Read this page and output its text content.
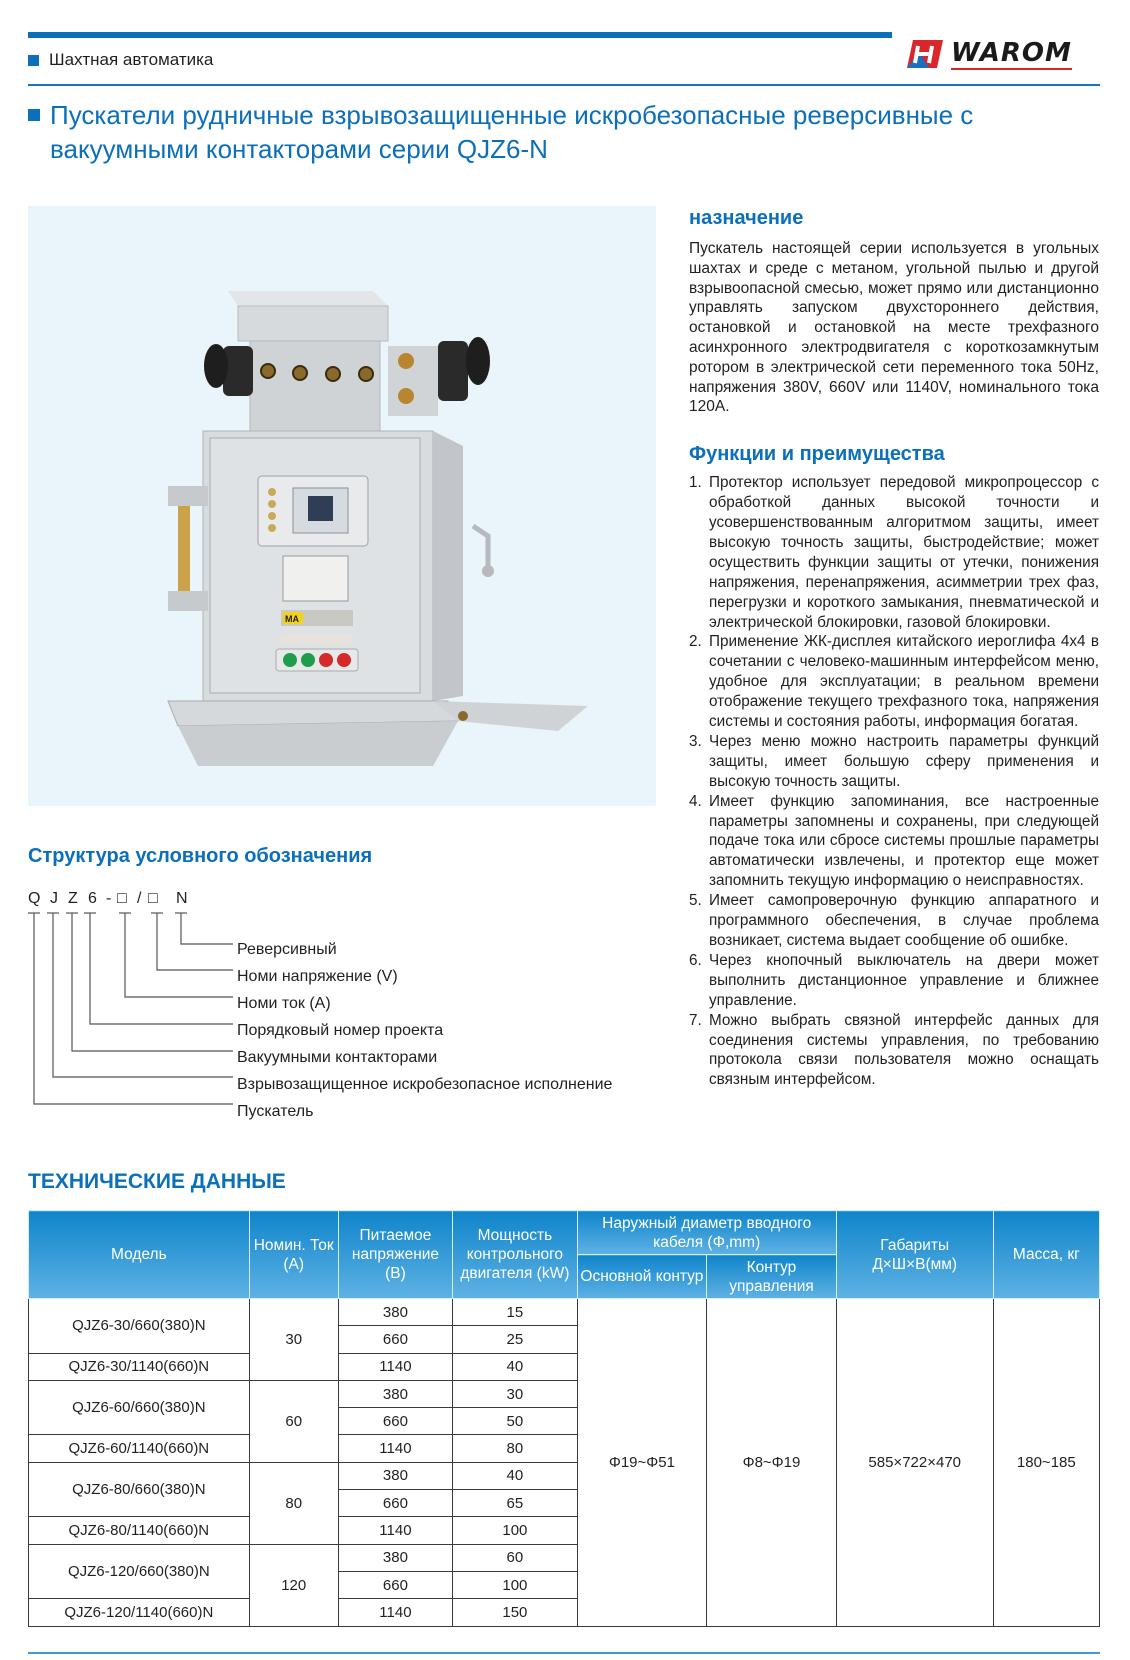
Шахтная автоматика	WAROM
Пускатели рудничные взрывозащищенные искробезопасные реверсивные с вакуумными контакторами серии QJZ6-N
MA
назначение

Пускатель настоящей серии используется в угольных шахтах и среде с метаном, угольной пылью и другой взрывоопасной смесью, может прямо или дистанционно управлять запуском двухстороннего действия, остановкой и остановкой на месте трехфазного асинхронного электродвигателя с короткозамкнутым ротором в электрической сети переменного тока 50Hz, напряжения 380V, 660V или 1140V, номинального тока 120A.

Функции и преимущества
1. Протектор использует передовой микропроцессор с обработкой данных высокой точности и усовершенствованным алгоритмом защиты, имеет высокую точность защиты, быстродействие; может осуществить функции защиты от утечки, понижения напряжения, перенапряжения, асимметрии трех фаз, перегрузки и короткого замыкания, пневматической и электрической блокировки, газовой блокировки.
2. Применение ЖК-дисплея китайского иероглифа 4x4 в сочетании с человеко-машинным интерфейсом меню, удобное для эксплуатации; в реальном времени отображение текущего трехфазного тока, напряжения системы и состояния работы, информация богатая.
3. Через меню можно настроить параметры функций защиты, имеет большую сферу применения и высокую точность защиты.
4. Имеет функцию запоминания, все настроенные параметры запомнены и сохранены, при следующей подаче тока или сбросе системы прошлые параметры автоматически извлечены, и протектор еще может запомнить текущую информацию о неисправностях.
5. Имеет самопроверочную функцию аппаратного и программного обеспечения, в случае проблема возникает, система выдает сообщение об ошибке.
6. Через кнопочный выключатель на двери может выполнить дистанционное управление и ближнее управление.
7. Можно выбрать связной интерфейс данных для соединения системы управления, по требованию протокола связи пользователя можно оснащать связным интерфейсом.
Структура условного обозначения
Q J Z 6 - □ / □ N
Реверсивный
Номи напряжение (V)
Номи ток (A)
Порядковый номер проекта
Вакуумными контакторами
Взрывозащищенное искробезопасное исполнение
Пускатель
ТЕХНИЧЕСКИЕ ДАННЫЕ
Модель	Номин. Ток (A)	Питаемое напряжение (B)	Мощность контрольного двигателя (kW)	Наружный диаметр вводного кабеля (Φ,mm)		Габариты Д×Ш×В(мм)	Масса, кг
				Основной контур	Контур управления		
QJZ6-30/660(380)N	30	380	15	Φ19~Φ51	Φ8~Φ19	585×722×470	180~185
		660	25				
QJZ6-30/1140(660)N		1140	40				
QJZ6-60/660(380)N	60	380	30				
		660	50				
QJZ6-60/1140(660)N		1140	80				
QJZ6-80/660(380)N	80	380	40				
		660	65				
QJZ6-80/1140(660)N		1140	100				
QJZ6-120/660(380)N	120	380	60				
		660	100				
QJZ6-120/1140(660)N		1140	150				
